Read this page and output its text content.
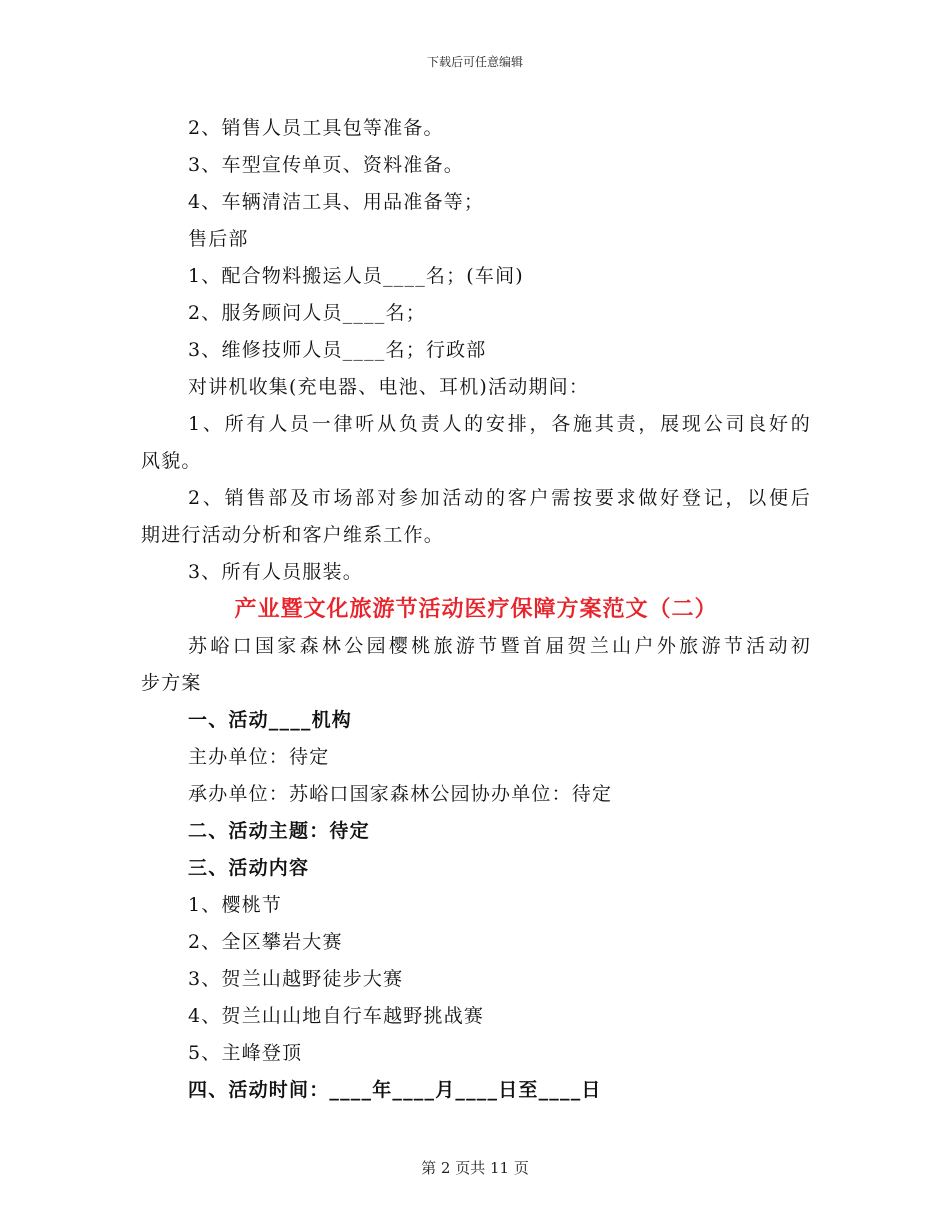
下载后可任意编辑
2、销售人员工具包等准备。
3、车型宣传单页、资料准备。
4、车辆清洁工具、用品准备等；
售后部
1、配合物料搬运人员____名；(车间)
2、服务顾问人员____名；
3、维修技师人员____名；行政部
对讲机收集(充电器、电池、耳机)活动期间：
1、所有人员一律听从负责人的安排，各施其责，展现公司良好的
风貌。
2、销售部及市场部对参加活动的客户需按要求做好登记，以便后
期进行活动分析和客户维系工作。
3、所有人员服装。
产业暨文化旅游节活动医疗保障方案范文（二）
苏峪口国家森林公园樱桃旅游节暨首届贺兰山户外旅游节活动初
步方案
一、活动____机构
主办单位：待定
承办单位：苏峪口国家森林公园协办单位：待定
二、活动主题：待定
三、活动内容
1、樱桃节
2、全区攀岩大赛
3、贺兰山越野徒步大赛
4、贺兰山山地自行车越野挑战赛
5、主峰登顶
四、活动时间：____年____月____日至____日
第 2 页共 11 页
